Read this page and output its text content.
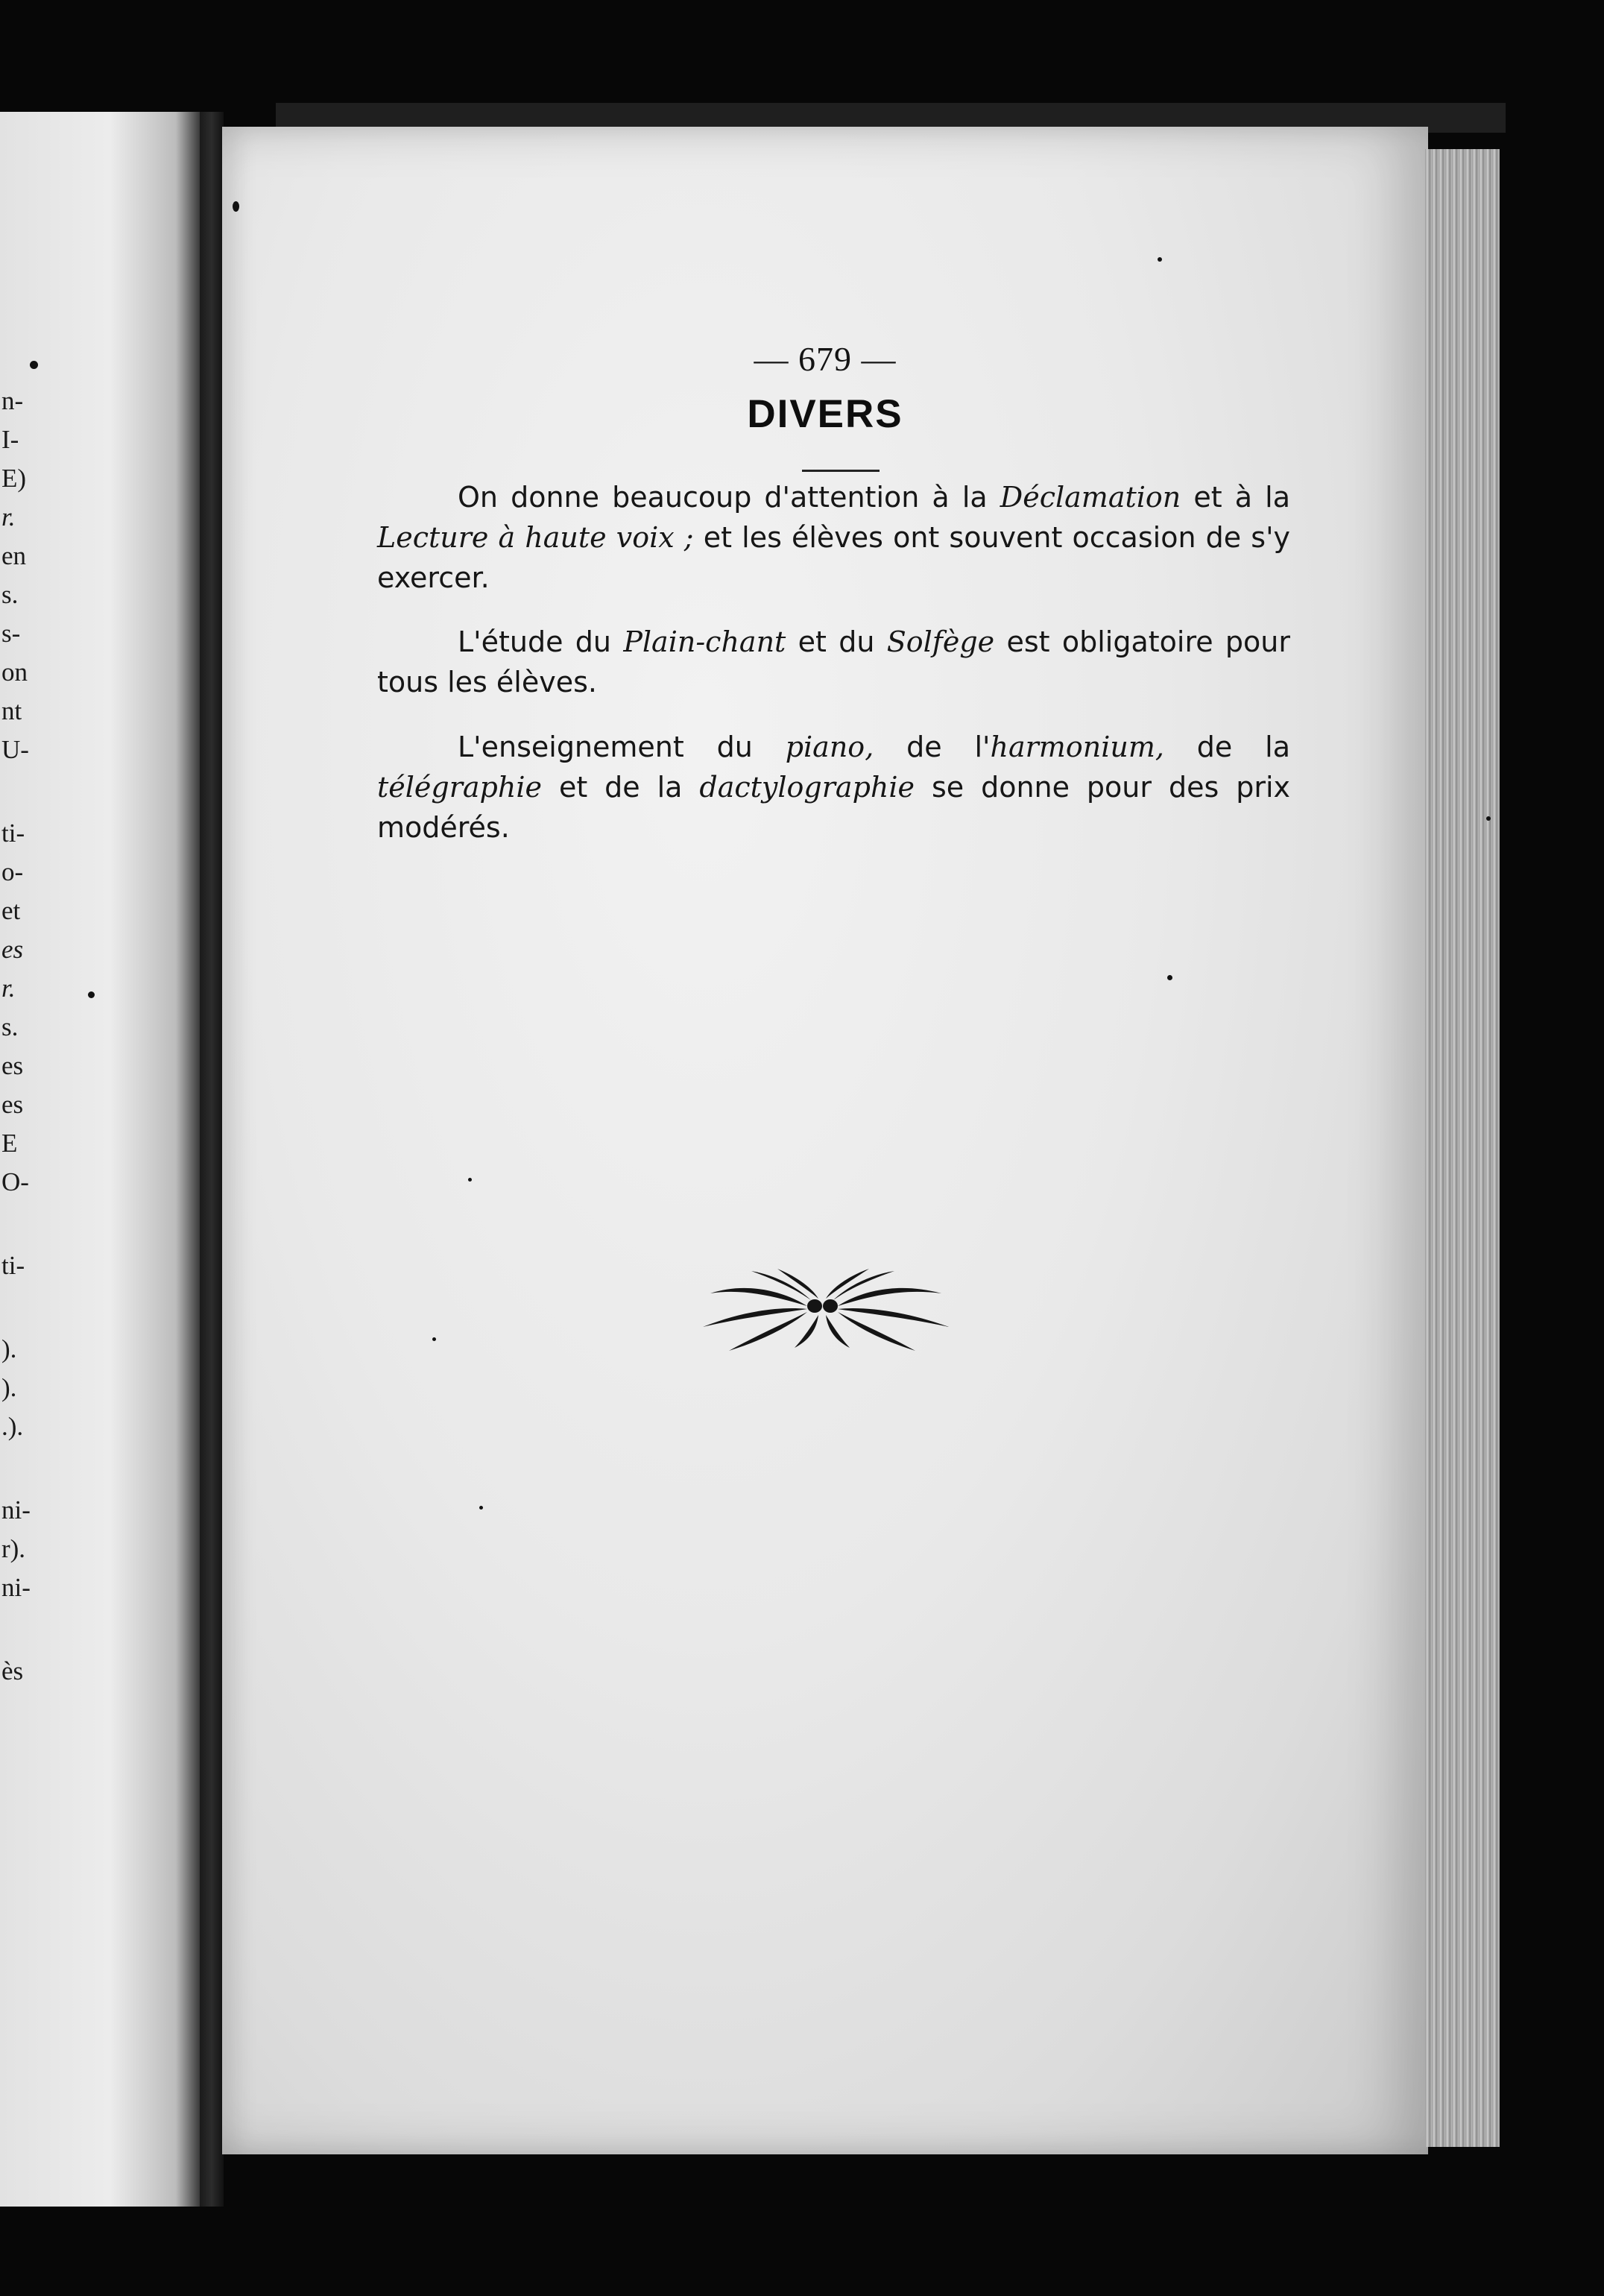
n-

I-

E)

r.

en

s.

s-

on

nt

U-

ti-

o-

et

es

r.

s.

es

es

E

O-

ti-

).

).

.).

ni-

r).

ni-

ès

— 679 —

DIVERS

On donne beaucoup d'attention à la Déclamation et à la Lecture à haute voix ; et les élèves ont souvent occasion de s'y exercer.

L'étude du Plain-chant et du Solfège est obligatoire pour tous les élèves.

L'enseignement du piano, de l'harmonium, de la télégraphie et de la dactylographie se donne pour des prix modérés.
